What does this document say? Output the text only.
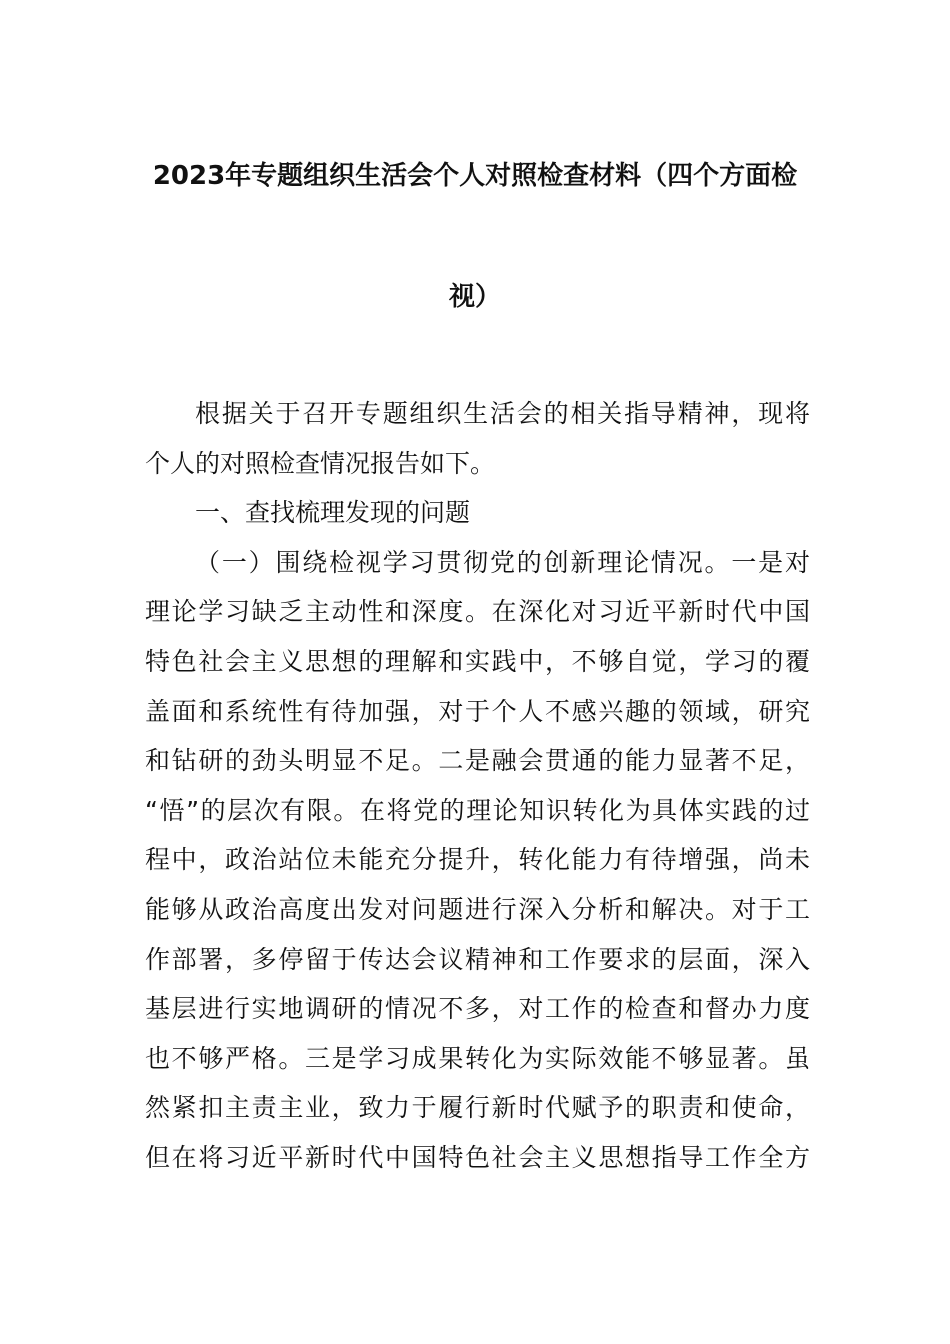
2023年专题组织生活会个人对照检查材料（四个方面检
视）
根据关于召开专题组织生活会的相关指导精神，现将
个人的对照检查情况报告如下。
一、查找梳理发现的问题
（一）围绕检视学习贯彻党的创新理论情况。一是对
理论学习缺乏主动性和深度。在深化对习近平新时代中国
特色社会主义思想的理解和实践中，不够自觉，学习的覆
盖面和系统性有待加强，对于个人不感兴趣的领域，研究
和钻研的劲头明显不足。二是融会贯通的能力显著不足，
“悟”的层次有限。在将党的理论知识转化为具体实践的过
程中，政治站位未能充分提升，转化能力有待增强，尚未
能够从政治高度出发对问题进行深入分析和解决。对于工
作部署，多停留于传达会议精神和工作要求的层面，深入
基层进行实地调研的情况不多，对工作的检查和督办力度
也不够严格。三是学习成果转化为实际效能不够显著。虽
然紧扣主责主业，致力于履行新时代赋予的职责和使命，
但在将习近平新时代中国特色社会主义思想指导工作全方
